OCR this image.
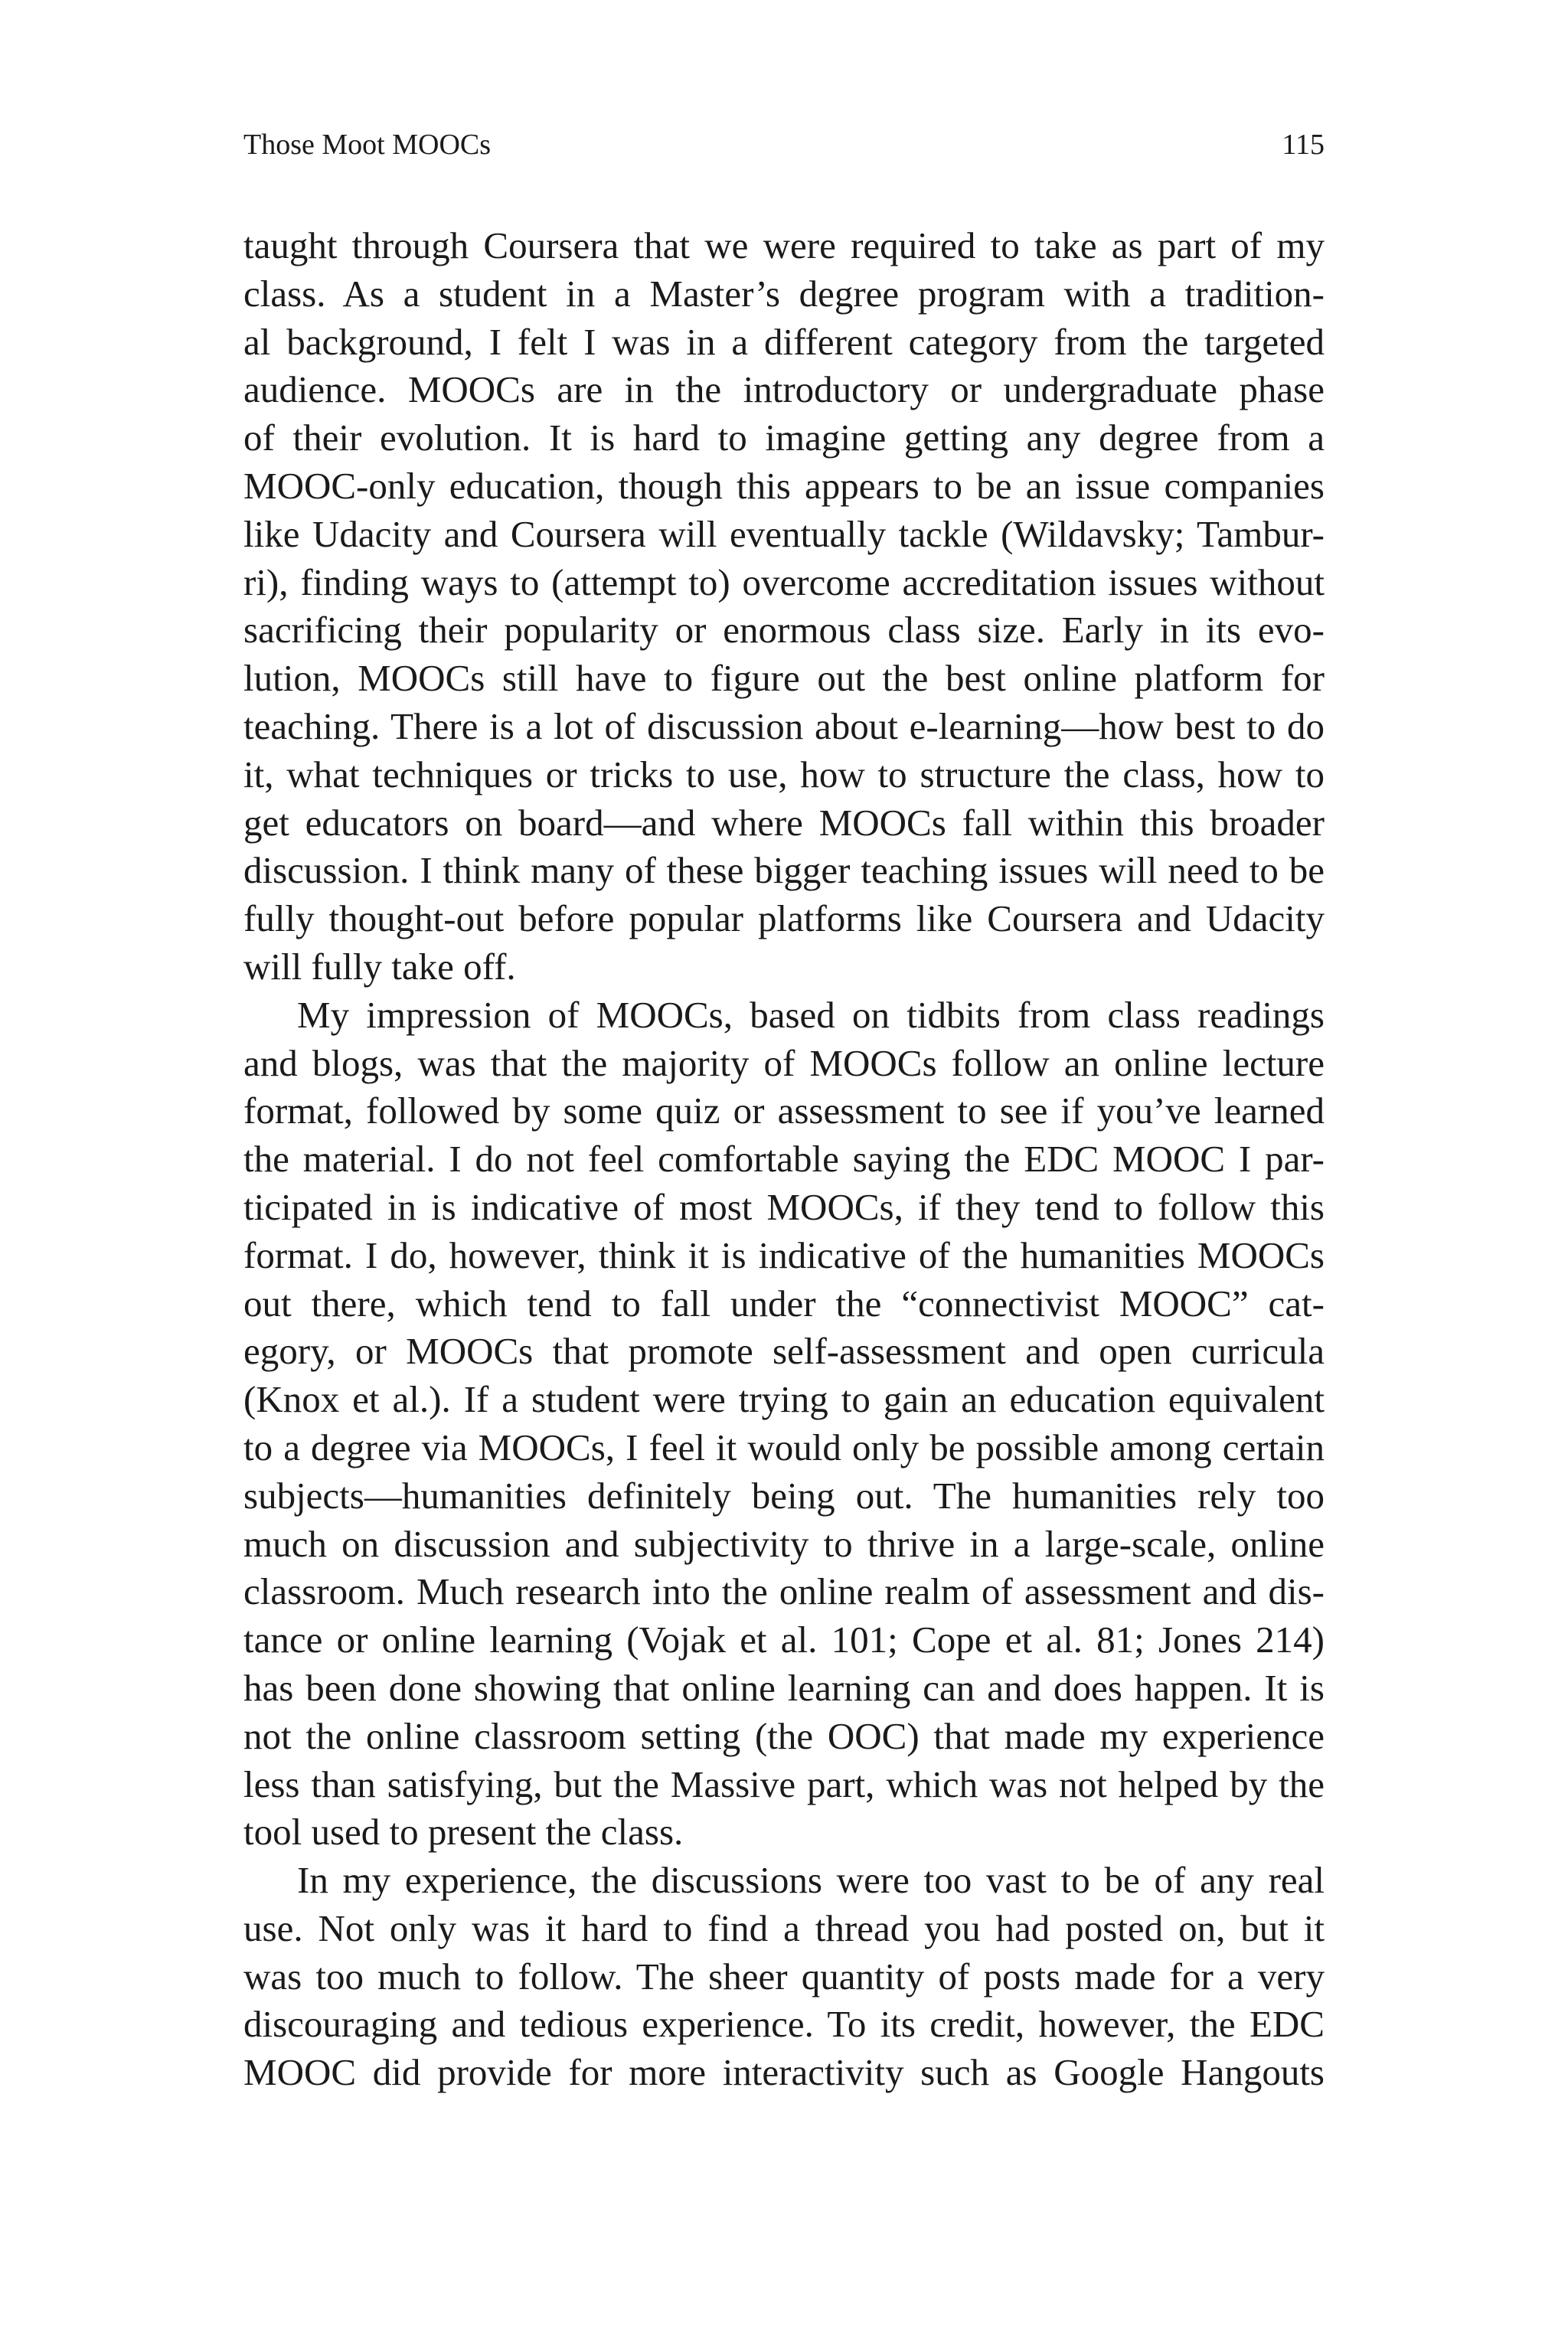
Those Moot MOOCs	115
taught through Coursera that we were required to take as part of my
class. As a student in a Master’s degree program with a tradition-
al background, I felt I was in a different category from the targeted
audience. MOOCs are in the introductory or undergraduate phase
of their evolution. It is hard to imagine getting any degree from a
MOOC-only education, though this appears to be an issue companies
like Udacity and Coursera will eventually tackle (Wildavsky; Tambur-
ri), finding ways to (attempt to) overcome accreditation issues without
sacrificing their popularity or enormous class size. Early in its evo-
lution, MOOCs still have to figure out the best online platform for
teaching. There is a lot of discussion about e-learning—how best to do
it, what techniques or tricks to use, how to structure the class, how to
get educators on board—and where MOOCs fall within this broader
discussion. I think many of these bigger teaching issues will need to be
fully thought-out before popular platforms like Coursera and Udacity
will fully take off.
My impression of MOOCs, based on tidbits from class readings
and blogs, was that the majority of MOOCs follow an online lecture
format, followed by some quiz or assessment to see if you’ve learned
the material. I do not feel comfortable saying the EDC MOOC I par-
ticipated in is indicative of most MOOCs, if they tend to follow this
format. I do, however, think it is indicative of the humanities MOOCs
out there, which tend to fall under the “connectivist MOOC” cat-
egory, or MOOCs that promote self-assessment and open curricula
(Knox et al.). If a student were trying to gain an education equivalent
to a degree via MOOCs, I feel it would only be possible among certain
subjects—humanities definitely being out. The humanities rely too
much on discussion and subjectivity to thrive in a large-scale, online
classroom. Much research into the online realm of assessment and dis-
tance or online learning (Vojak et al. 101; Cope et al. 81; Jones 214)
has been done showing that online learning can and does happen. It is
not the online classroom setting (the OOC) that made my experience
less than satisfying, but the Massive part, which was not helped by the
tool used to present the class.
In my experience, the discussions were too vast to be of any real
use. Not only was it hard to find a thread you had posted on, but it
was too much to follow. The sheer quantity of posts made for a very
discouraging and tedious experience. To its credit, however, the EDC
MOOC did provide for more interactivity such as Google Hangouts
